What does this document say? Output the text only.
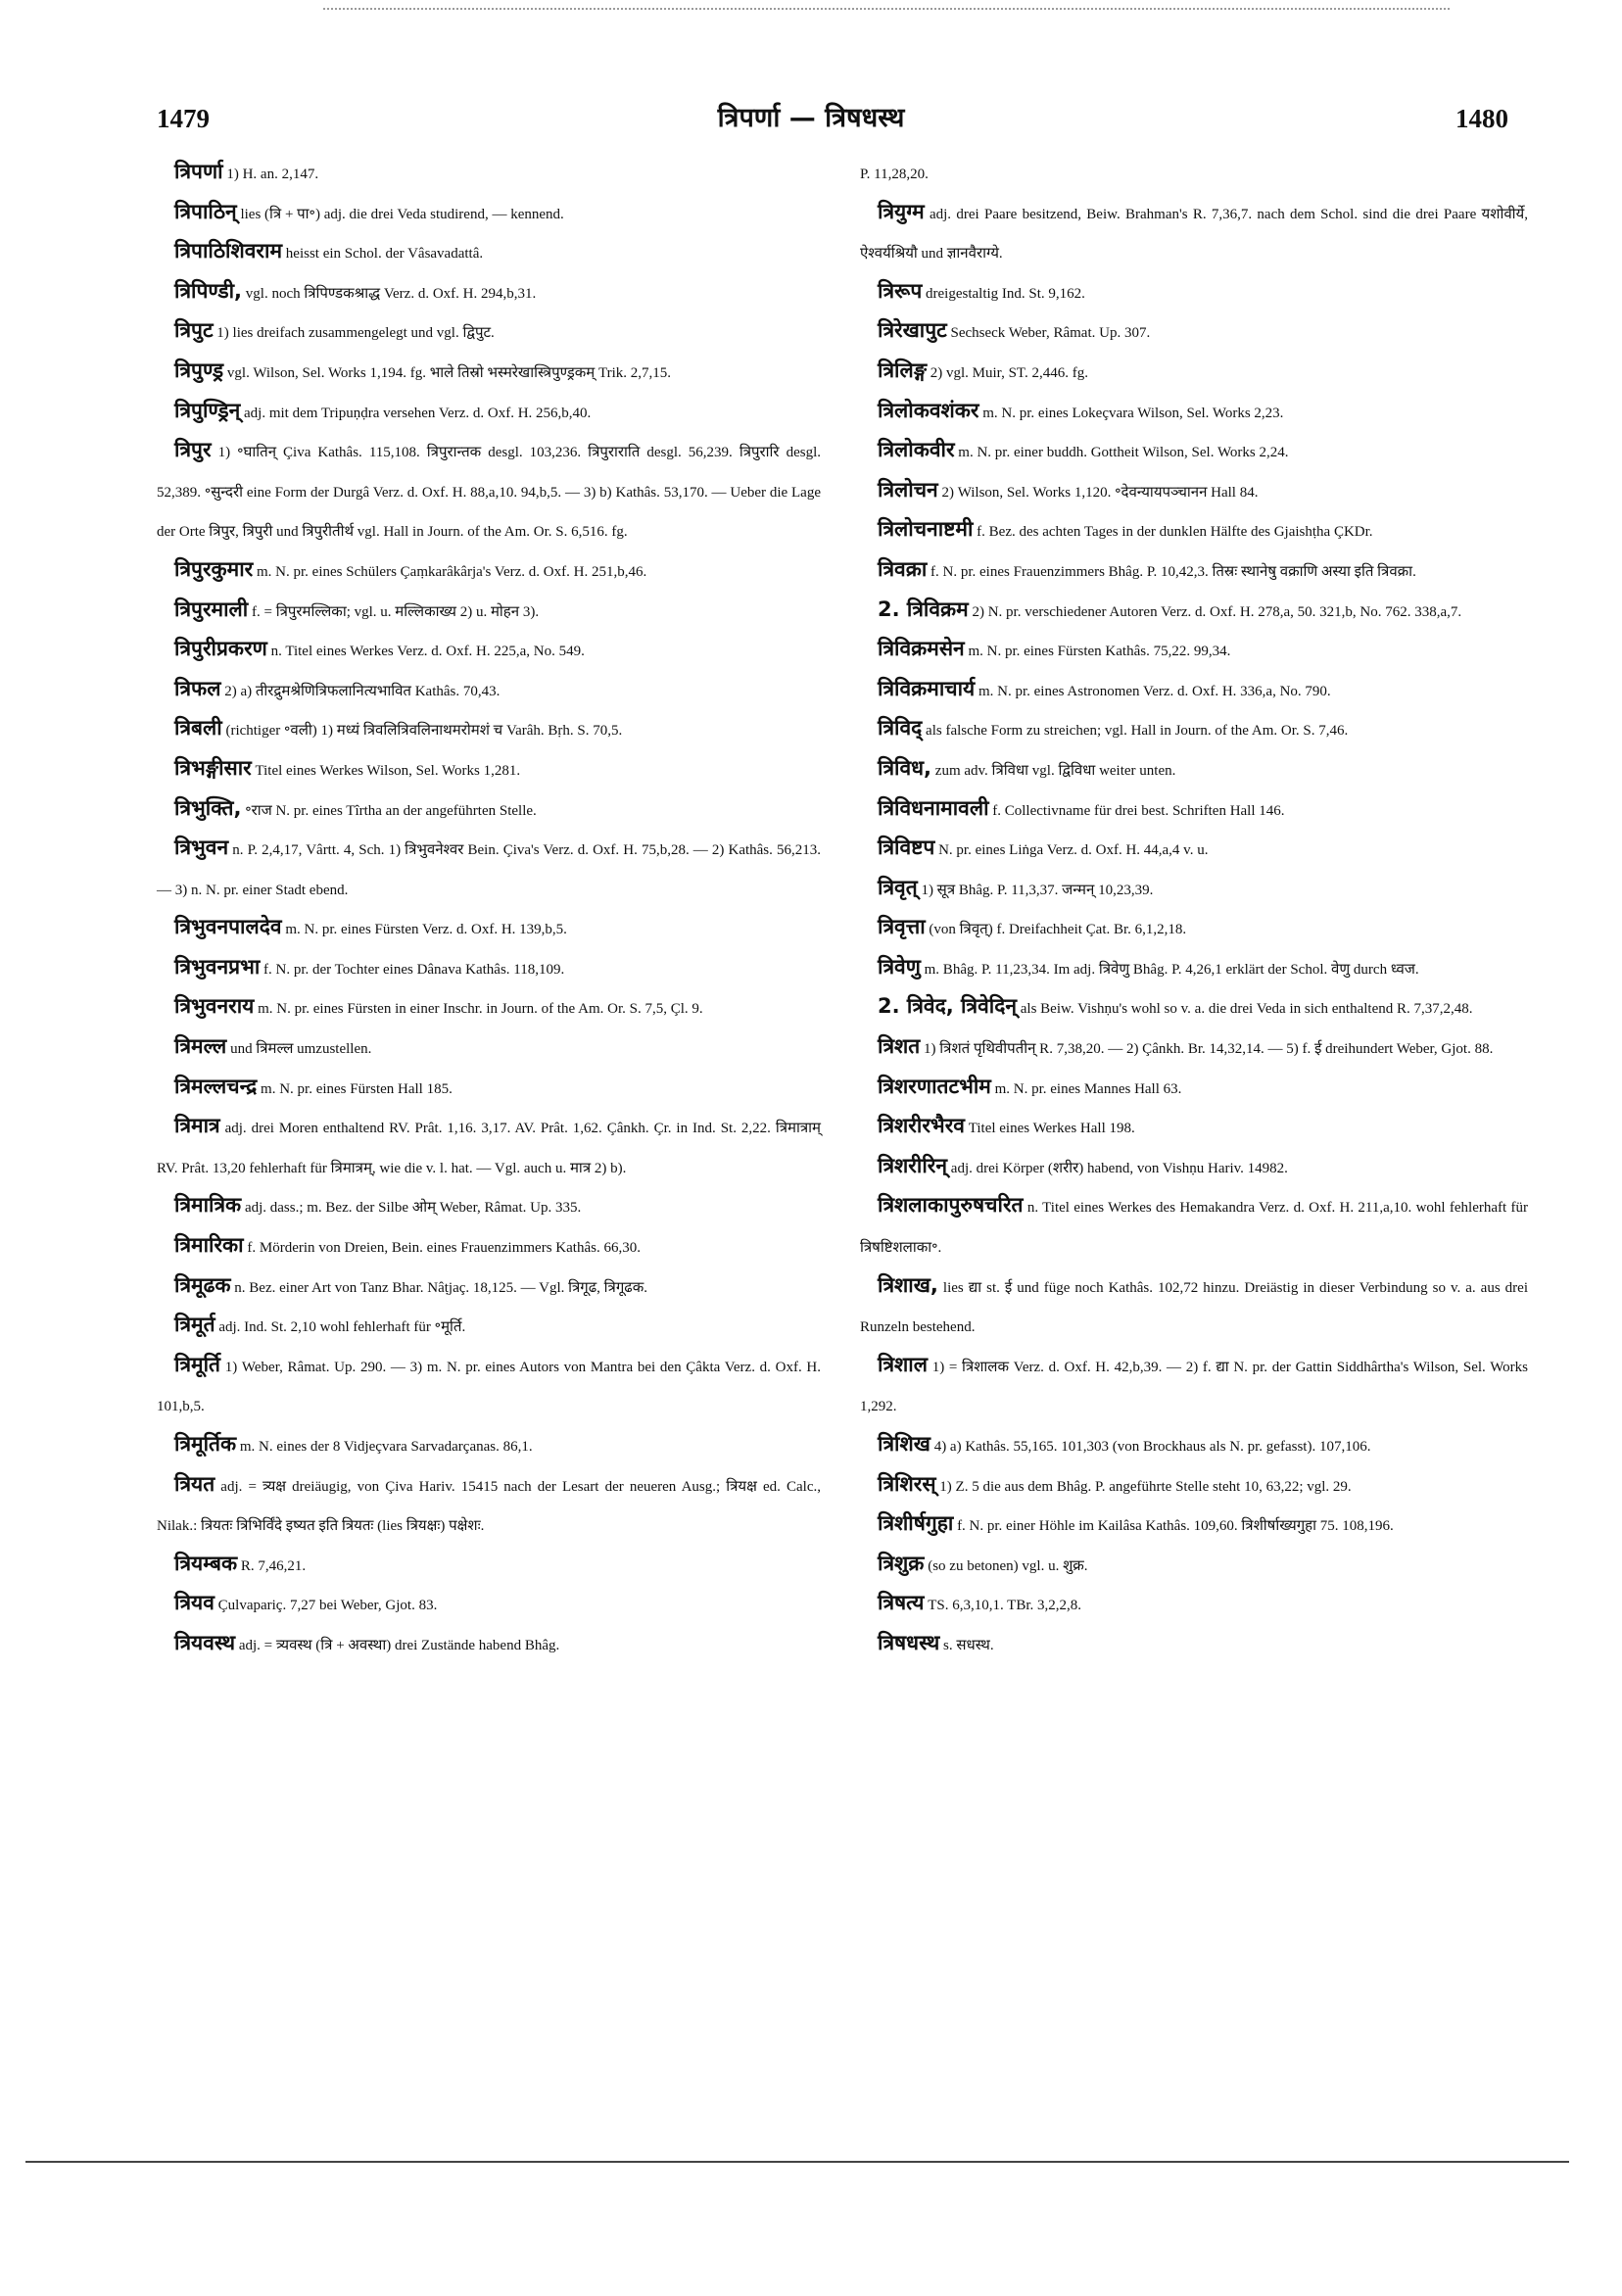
1479	त्रिपर्णा — त्रिषधस्थ	1480

त्रिपर्णा 1) H. an. 2,147.

त्रिपाठिन् lies (त्रि + पा॰) adj. die drei Veda studirend, — kennend.

त्रिपाठिशिवराम heisst ein Schol. der Vâsavadattâ.

त्रिपिण्डी, vgl. noch त्रिपिण्डकश्राद्ध Verz. d. Oxf. H. 294,b,31.

त्रिपुट 1) lies dreifach zusammengelegt und vgl. द्विपुट.

त्रिपुण्ड्र vgl. Wilson, Sel. Works 1,194. fg. भाले तिस्रो भस्मरेखास्त्रिपुण्ड्रकम् Trik. 2,7,15.

त्रिपुण्ड्रिन् adj. mit dem Tripuṇḍra versehen Verz. d. Oxf. H. 256,b,40.

त्रिपुर 1) ॰घातिन् Çiva Kathâs. 115,108. त्रिपुरान्तक desgl. 103,236. त्रिपुराराति desgl. 56,239. त्रिपुरारि desgl. 52,389. ॰सुन्दरी eine Form der Durgâ Verz. d. Oxf. H. 88,a,10. 94,b,5. — 3) b) Kathâs. 53,170. — Ueber die Lage der Orte त्रिपुर, त्रिपुरी und त्रिपुरीतीर्थ vgl. Hall in Journ. of the Am. Or. S. 6,516. fg.

त्रिपुरकुमार m. N. pr. eines Schülers Çaṃkarâkârja's Verz. d. Oxf. H. 251,b,46.

त्रिपुरमाली f. = त्रिपुरमल्लिका; vgl. u. मल्लिकाख्य 2) u. मोहन 3).

त्रिपुरीप्रकरण n. Titel eines Werkes Verz. d. Oxf. H. 225,a, No. 549.

त्रिफल 2) a) तीरद्रुमश्रेणित्रिफलानित्यभावित Kathâs. 70,43.

त्रिबली (richtiger ॰वली) 1) मध्यं त्रिवलित्रिवलिनाथमरोमशं च Varâh. Bṛh. S. 70,5.

त्रिभङ्गीसार Titel eines Werkes Wilson, Sel. Works 1,281.

त्रिभुक्ति, ॰राज N. pr. eines Tîrtha an der angeführten Stelle.

त्रिभुवन n. P. 2,4,17, Vârtt. 4, Sch. 1) त्रिभुवनेश्वर Bein. Çiva's Verz. d. Oxf. H. 75,b,28. — 2) Kathâs. 56,213. — 3) n. N. pr. einer Stadt ebend.

त्रिभुवनपालदेव m. N. pr. eines Fürsten Verz. d. Oxf. H. 139,b,5.

त्रिभुवनप्रभा f. N. pr. der Tochter eines Dânava Kathâs. 118,109.

त्रिभुवनराय m. N. pr. eines Fürsten in einer Inschr. in Journ. of the Am. Or. S. 7,5, Çl. 9.

त्रिमल्ल und त्रिमल्ल umzustellen.

त्रिमल्लचन्द्र m. N. pr. eines Fürsten Hall 185.

त्रिमात्र adj. drei Moren enthaltend RV. Prât. 1,16. 3,17. AV. Prât. 1,62. Çânkh. Çr. in Ind. St. 2,22. त्रिमात्राम् RV. Prât. 13,20 fehlerhaft für त्रिमात्रम्, wie die v. l. hat. — Vgl. auch u. मात्र 2) b).

त्रिमात्रिक adj. dass.; m. Bez. der Silbe ओम् Weber, Râmat. Up. 335.

त्रिमारिका f. Mörderin von Dreien, Bein. eines Frauenzimmers Kathâs. 66,30.

त्रिमूढक n. Bez. einer Art von Tanz Bhar. Nâṭjaç. 18,125. — Vgl. त्रिगूढ, त्रिगूढक.

त्रिमूर्त adj. Ind. St. 2,10 wohl fehlerhaft für ॰मूर्ति.

त्रिमूर्ति 1) Weber, Râmat. Up. 290. — 3) m. N. pr. eines Autors von Mantra bei den Çâkta Verz. d. Oxf. H. 101,b,5.

त्रिमूर्तिक m. N. eines der 8 Vidjeçvara Sarvadarçanas. 86,1.

त्रियत adj. = त्र्यक्ष dreiäugig, von Çiva Hariv. 15415 nach der Lesart der neueren Ausg.; त्रियक्ष ed. Calc., Nilak.: त्रियतः त्रिभिर्विंदे इष्यत इति त्रियतः (lies त्रियक्षः) पक्षेशः.

त्रियम्बक R. 7,46,21.

त्रियव Çulvapariç. 7,27 bei Weber, Gjot. 83.

त्रियवस्थ adj. = त्र्यवस्थ (त्रि + अवस्था) drei Zustände habend Bhâg.

P. 11,28,20.

त्रियुग्म adj. drei Paare besitzend, Beiw. Brahman's R. 7,36,7. nach dem Schol. sind die drei Paare यशोवीर्ये, ऐश्वर्यश्रियौ und ज्ञानवैराग्ये.

त्रिरूप dreigestaltig Ind. St. 9,162.

त्रिरेखापुट Sechseck Weber, Râmat. Up. 307.

त्रिलिङ्ग 2) vgl. Muir, ST. 2,446. fg.

त्रिलोकवशंकर m. N. pr. eines Lokeçvara Wilson, Sel. Works 2,23.

त्रिलोकवीर m. N. pr. einer buddh. Gottheit Wilson, Sel. Works 2,24.

त्रिलोचन 2) Wilson, Sel. Works 1,120. ॰देवन्यायपञ्चानन Hall 84.

त्रिलोचनाष्टमी f. Bez. des achten Tages in der dunklen Hälfte des Gjaishṭha ÇKDr.

त्रिवक्रा f. N. pr. eines Frauenzimmers Bhâg. P. 10,42,3. तिस्रः स्थानेषु वक्राणि अस्या इति त्रिवक्रा.

2. त्रिविक्रम 2) N. pr. verschiedener Autoren Verz. d. Oxf. H. 278,a, 50. 321,b, No. 762. 338,a,7.

त्रिविक्रमसेन m. N. pr. eines Fürsten Kathâs. 75,22. 99,34.

त्रिविक्रमाचार्य m. N. pr. eines Astronomen Verz. d. Oxf. H. 336,a, No. 790.

त्रिविद् als falsche Form zu streichen; vgl. Hall in Journ. of the Am. Or. S. 7,46.

त्रिविध, zum adv. त्रिविधा vgl. द्विविधा weiter unten.

त्रिविधनामावली f. Collectivname für drei best. Schriften Hall 146.

त्रिविष्टप N. pr. eines Liṅga Verz. d. Oxf. H. 44,a,4 v. u.

त्रिवृत् 1) सूत्र Bhâg. P. 11,3,37. जन्मन् 10,23,39.

त्रिवृत्ता (von त्रिवृत्) f. Dreifachheit Çat. Br. 6,1,2,18.

त्रिवेणु m. Bhâg. P. 11,23,34. Im adj. त्रिवेणु Bhâg. P. 4,26,1 erklärt der Schol. वेणु durch ध्वज.

2. त्रिवेद, त्रिवेदिन् als Beiw. Vishṇu's wohl so v. a. die drei Veda in sich enthaltend R. 7,37,2,48.

त्रिशत 1) त्रिशतं पृथिवीपतीन् R. 7,38,20. — 2) Çânkh. Br. 14,32,14. — 5) f. ई dreihundert Weber, Gjot. 88.

त्रिशरणातटभीम m. N. pr. eines Mannes Hall 63.

त्रिशरीरभैरव Titel eines Werkes Hall 198.

त्रिशरीरिन् adj. drei Körper (शरीर) habend, von Vishṇu Hariv. 14982.

त्रिशलाकापुरुषचरित n. Titel eines Werkes des Hemakandra Verz. d. Oxf. H. 211,a,10. wohl fehlerhaft für त्रिषष्टिशलाका॰.

त्रिशाख, lies द्या st. ई und füge noch Kathâs. 102,72 hinzu. Dreiästig in dieser Verbindung so v. a. aus drei Runzeln bestehend.

त्रिशाल 1) = त्रिशालक Verz. d. Oxf. H. 42,b,39. — 2) f. द्या N. pr. der Gattin Siddhârtha's Wilson, Sel. Works 1,292.

त्रिशिख 4) a) Kathâs. 55,165. 101,303 (von Brockhaus als N. pr. gefasst). 107,106.

त्रिशिरस् 1) Z. 5 die aus dem Bhâg. P. angeführte Stelle steht 10, 63,22; vgl. 29.

त्रिशीर्षगुहा f. N. pr. einer Höhle im Kailâsa Kathâs. 109,60. त्रिशीर्षाख्यगुहा 75. 108,196.

त्रिशुक्र (so zu betonen) vgl. u. शुक्र.

त्रिषत्य TS. 6,3,10,1. TBr. 3,2,2,8.

त्रिषधस्थ s. सधस्थ.
